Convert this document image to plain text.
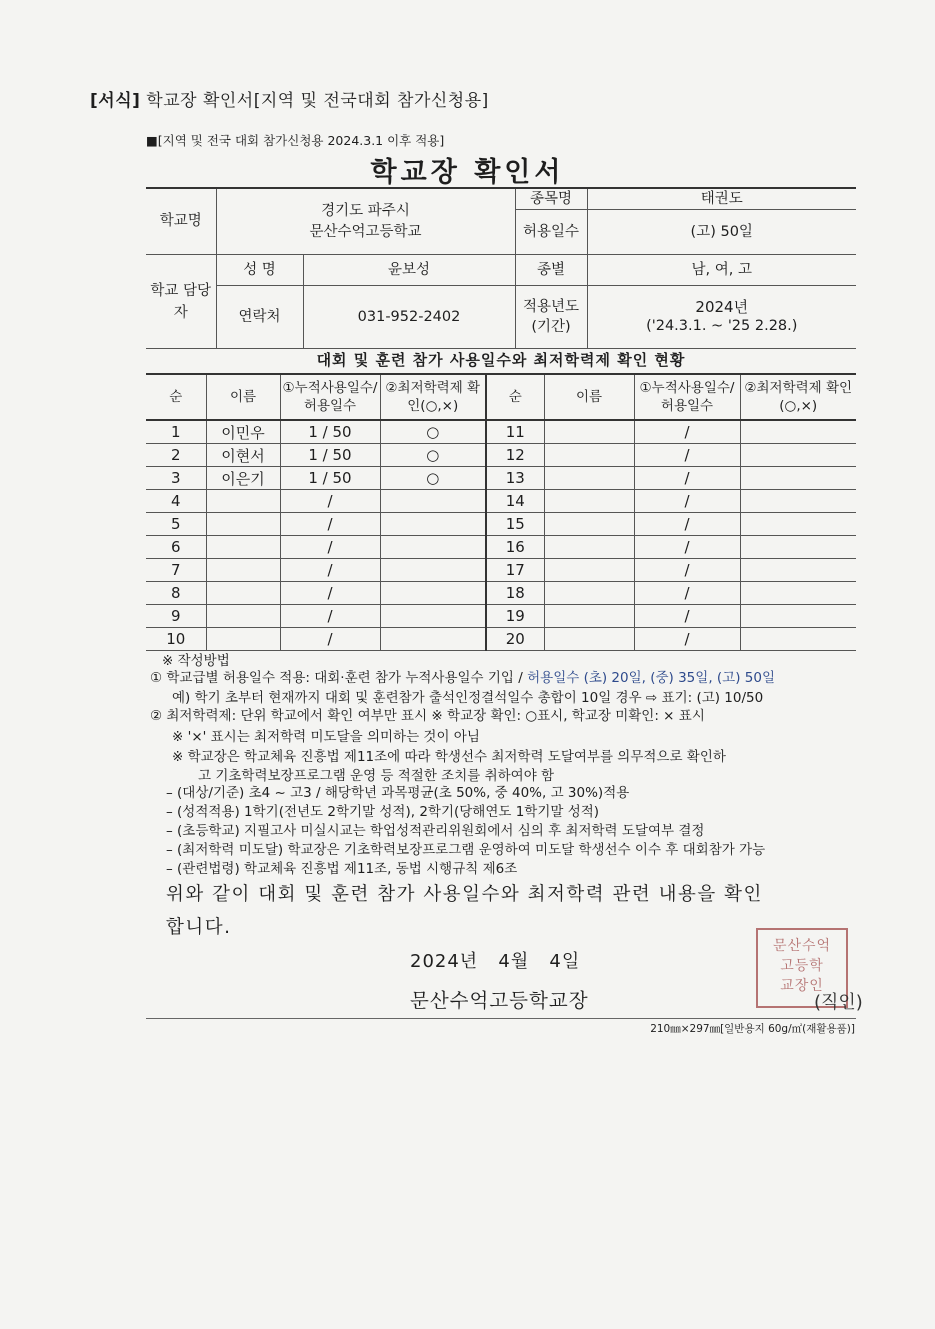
[서식] 학교장 확인서[지역 및 전국대회 참가신청용]
■[지역 및 전국 대회 참가신청용 2024.3.1 이후 적용]
학교장 확인서
학교명	경기도 파주시
문산수억고등학교		종목명	태권도
			허용일수	(고) 50일
학교 담당자	성 명	윤보성	종별	남, 여, 고
	연락처	031-952-2402	적용년도 (기간)	2024년
('24.3.1. ~ '25 2.28.)
대회 및 훈련 참가 사용일수와 최저학력제 확인 현황
순	이름	①누적사용일수/허용일수	②최저학력제 확인(○,×)	순	이름	①누적사용일수/허용일수	②최저학력제 확인(○,×)
1	이민우	1 / 50	○	11		/	
2	이현서	1 / 50	○	12		/	
3	이은기	1 / 50	○	13		/	
4		/		14		/	
5		/		15		/	
6		/		16		/	
7		/		17		/	
8		/		18		/	
9		/		19		/	
10		/		20		/	
※ 작성방법
① 학교급별 허용일수 적용: 대회·훈련 참가 누적사용일수 기입 / 허용일수 (초) 20일, (중) 35일, (고) 50일
예) 학기 초부터 현재까지 대회 및 훈련참가 출석인정결석일수 총합이 10일 경우 ⇨ 표기: (고) 10/50
② 최저학력제: 단위 학교에서 확인 여부만 표시 ※ 학교장 확인: ○표시, 학교장 미확인: × 표시
※ '×' 표시는 최저학력 미도달을 의미하는 것이 아님
※ 학교장은 학교체육 진흥법 제11조에 따라 학생선수 최저학력 도달여부를 의무적으로 확인하
고 기초학력보장프로그램 운영 등 적절한 조치를 취하여야 함
– (대상/기준) 초4 ~ 고3 / 해당학년 과목평균(초 50%, 중 40%, 고 30%)적용
– (성적적용) 1학기(전년도 2학기말 성적), 2학기(당해연도 1학기말 성적)
– (초등학교) 지필고사 미실시교는 학업성적관리위원회에서 심의 후 최저학력 도달여부 결정
– (최저학력 미도달) 학교장은 기초학력보장프로그램 운영하여 미도달 학생선수 이수 후 대회참가 가능
– (관련법령) 학교체육 진흥법 제11조, 동법 시행규칙 제6조
위와 같이 대회 및 훈련 참가 사용일수와 최저학력 관련 내용을 확인
합니다.
2024년   4월   4일
문산수억고등학교장
문산수억
고등학
교장인
(직인)
210㎜×297㎜[일반용지 60g/㎡(재활용품)]
